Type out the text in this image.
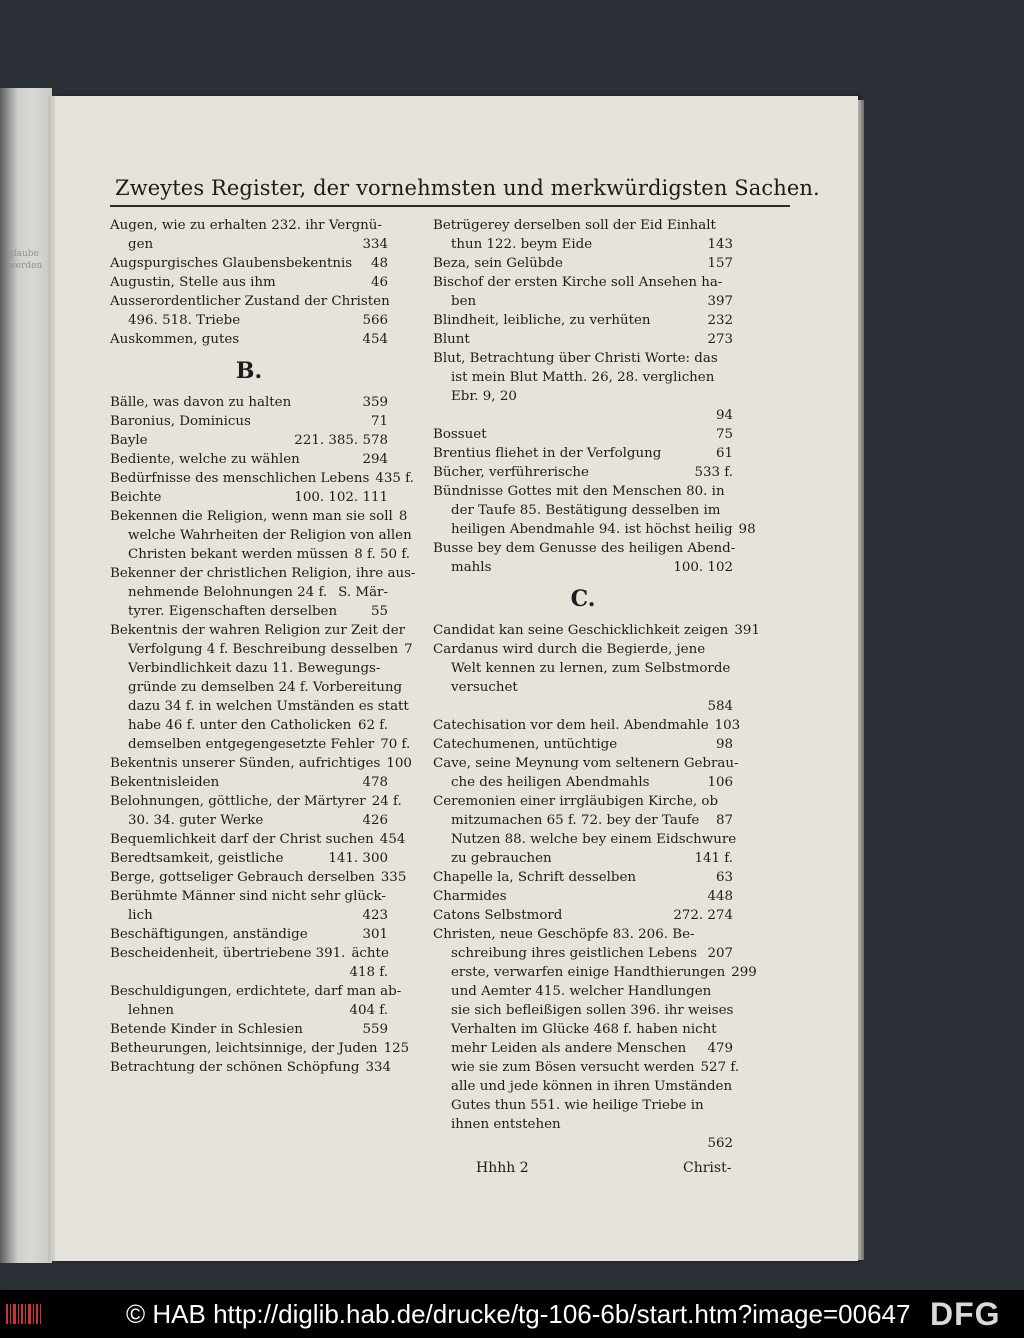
glaube
werden
Zweytes Register, der vornehmsten und merkwürdigsten Sachen.
Augen, wie zu erhalten 232. ihr Vergnü-
gen	334
Augspurgisches Glaubensbekentnis	48
Augustin, Stelle aus ihm	46
Ausserordentlicher Zustand der Christen
496. 518. Triebe	566
Auskommen, gutes	454
B.
Bälle, was davon zu halten	359
Baronius, Dominicus	71
Bayle	221. 385. 578
Bediente, welche zu wählen	294
Bedürfnisse des menschlichen Lebens 435 f.
Beichte	100. 102. 111
Bekennen die Religion, wenn man sie soll 8
welche Wahrheiten der Religion von allen
Christen bekant werden müssen 8 f. 50 f.
Bekenner der christlichen Religion, ihre aus-
nehmende Belohnungen 24 f. S. Mär-
tyrer. Eigenschaften derselben	55
Bekentnis der wahren Religion zur Zeit der
Verfolgung 4 f. Beschreibung desselben 7
Verbindlichkeit dazu 11. Bewegungs-
gründe zu demselben 24 f. Vorbereitung
dazu 34 f. in welchen Umständen es statt
habe 46 f. unter den Catholicken 62 f.
demselben entgegengesetzte Fehler 70 f.
Bekentnis unserer Sünden, aufrichtiges 100
Bekentnisleiden	478
Belohnungen, göttliche, der Märtyrer 24 f.
30. 34. guter Werke	426
Bequemlichkeit darf der Christ suchen 454
Beredtsamkeit, geistliche	141. 300
Berge, gottseliger Gebrauch derselben 335
Berühmte Männer sind nicht sehr glück-
lich	423
Beschäftigungen, anständige	301
Bescheidenheit, übertriebene 391. ächte
418 f.
Beschuldigungen, erdichtete, darf man ab-
lehnen	404 f.
Betende Kinder in Schlesien	559
Betheurungen, leichtsinnige, der Juden 125
Betrachtung der schönen Schöpfung 334
Betrügerey derselben soll der Eid Einhalt
thun 122. beym Eide	143
Beza, sein Gelübde	157
Bischof der ersten Kirche soll Ansehen ha-
ben	397
Blindheit, leibliche, zu verhüten	232
Blunt	273
Blut, Betrachtung über Christi Worte: das
ist mein Blut Matth. 26, 28. verglichen
Ebr. 9, 20
94
Bossuet	75
Brentius fliehet in der Verfolgung	61
Bücher, verführerische	533 f.
Bündnisse Gottes mit den Menschen 80. in
der Taufe 85. Bestätigung desselben im
heiligen Abendmahle 94. ist höchst heilig 98
Busse bey dem Genusse des heiligen Abend-
mahls	100. 102
C.
Candidat kan seine Geschicklichkeit zeigen 391
Cardanus wird durch die Begierde, jene
Welt kennen zu lernen, zum Selbstmorde
versuchet
584
Catechisation vor dem heil. Abendmahle 103
Catechumenen, untüchtige	98
Cave, seine Meynung vom seltenern Gebrau-
che des heiligen Abendmahls	106
Ceremonien einer irrgläubigen Kirche, ob
mitzumachen 65 f. 72. bey der Taufe	87
Nutzen 88. welche bey einem Eidschwure
zu gebrauchen	141 f.
Chapelle la, Schrift desselben	63
Charmides	448
Catons Selbstmord	272. 274
Christen, neue Geschöpfe 83. 206. Be-
schreibung ihres geistlichen Lebens 207
erste, verwarfen einige Handthierungen 299
und Aemter 415. welcher Handlungen
sie sich befleißigen sollen 396. ihr weises
Verhalten im Glücke 468 f. haben nicht
mehr Leiden als andere Menschen	479
wie sie zum Bösen versucht werden 527 f.
alle und jede können in ihren Umständen
Gutes thun 551. wie heilige Triebe in
ihnen entstehen
562
Hhhh 2	Christ-
© HAB http://diglib.hab.de/drucke/tg-106-6b/start.htm?image=00647 DFG
